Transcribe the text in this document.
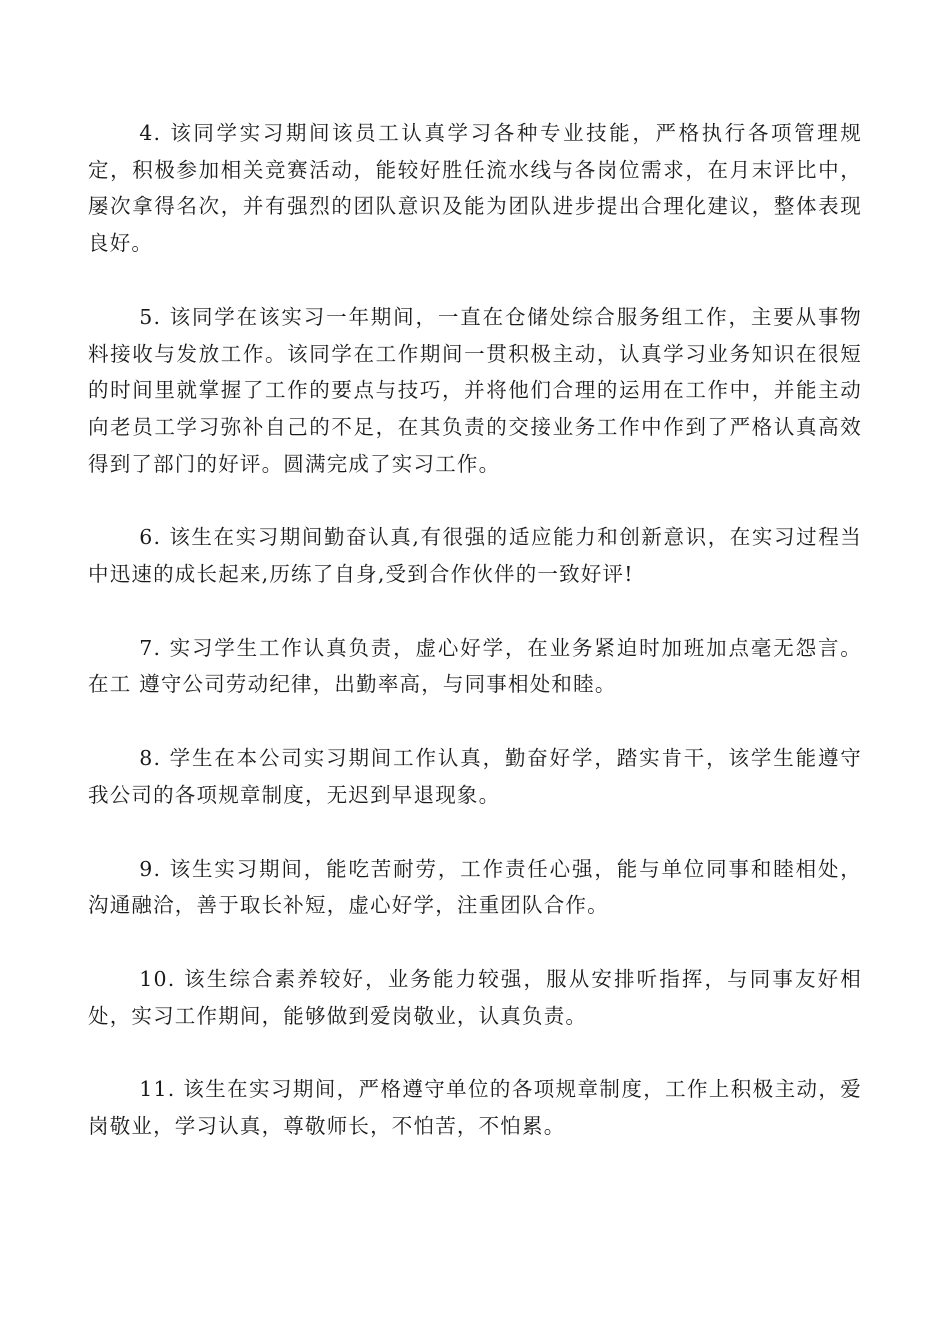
4. 该同学实习期间该员工认真学习各种专业技能，严格执行各项管理规定，积极参加相关竞赛活动，能较好胜任流水线与各岗位需求，在月末评比中，屡次拿得名次，并有强烈的团队意识及能为团队进步提出合理化建议，整体表现良好。

5. 该同学在该实习一年期间，一直在仓储处综合服务组工作，主要从事物料接收与发放工作。该同学在工作期间一贯积极主动，认真学习业务知识在很短的时间里就掌握了工作的要点与技巧，并将他们合理的运用在工作中，并能主动向老员工学习弥补自己的不足，在其负责的交接业务工作中作到了严格认真高效得到了部门的好评。圆满完成了实习工作。

6. 该生在实习期间勤奋认真,有很强的适应能力和创新意识，在实习过程当中迅速的成长起来,历练了自身,受到合作伙伴的一致好评!

7. 实习学生工作认真负责，虚心好学，在业务紧迫时加班加点毫无怨言。在工 遵守公司劳动纪律，出勤率高，与同事相处和睦。

8. 学生在本公司实习期间工作认真，勤奋好学，踏实肯干，该学生能遵守我公司的各项规章制度，无迟到早退现象。

9. 该生实习期间，能吃苦耐劳，工作责任心强，能与单位同事和睦相处，沟通融洽，善于取长补短，虚心好学，注重团队合作。

10. 该生综合素养较好，业务能力较强，服从安排听指挥，与同事友好相处，实习工作期间，能够做到爱岗敬业，认真负责。

11. 该生在实习期间，严格遵守单位的各项规章制度，工作上积极主动，爱岗敬业，学习认真，尊敬师长，不怕苦，不怕累。
